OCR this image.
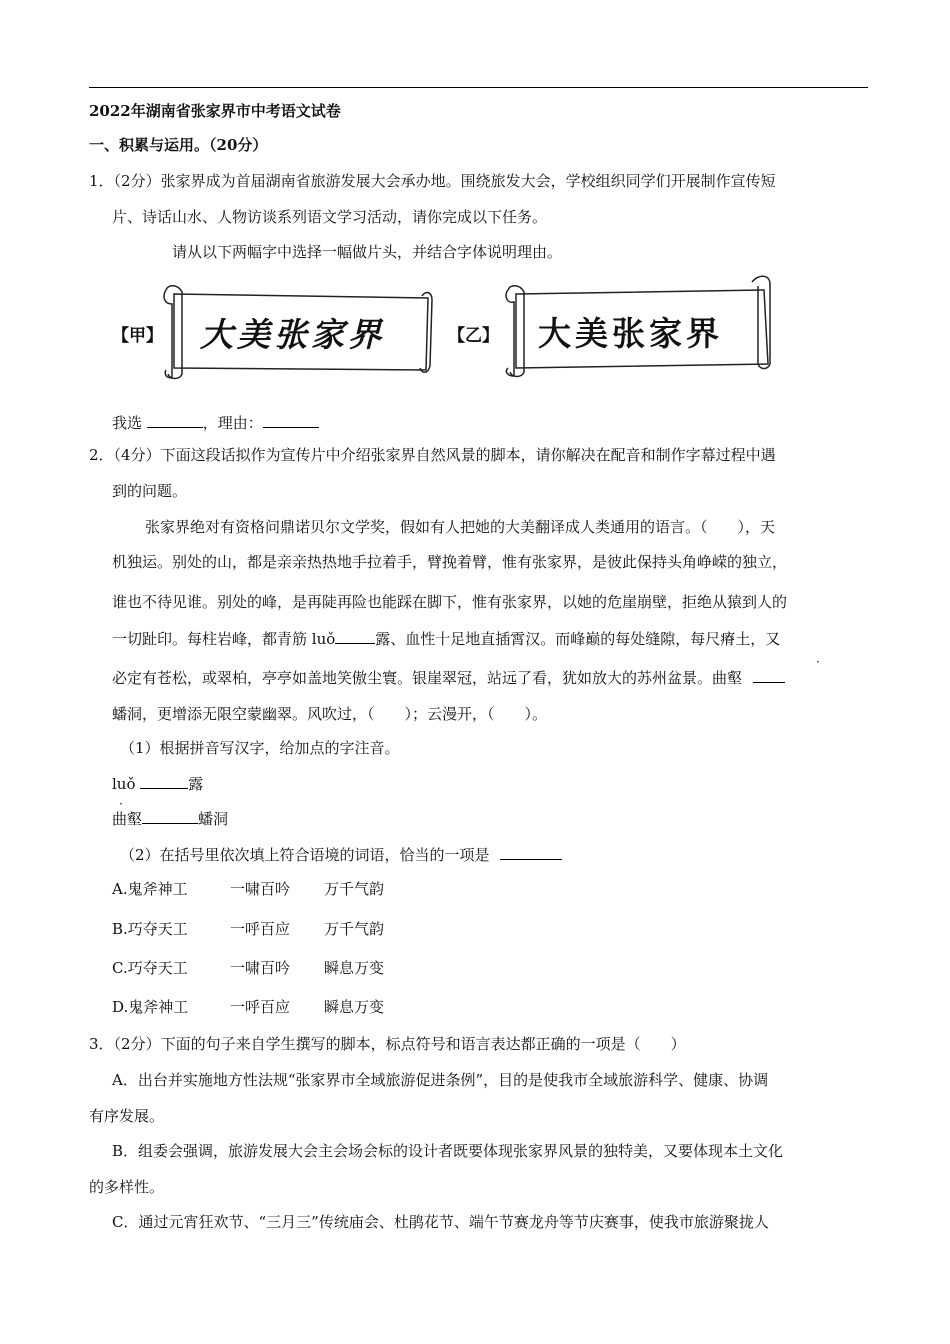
2022年湖南省张家界市中考语文试卷
一、积累与运用。（20分）
1．（2分）张家界成为首届湖南省旅游发展大会承办地。围绕旅发大会，学校组织同学们开展制作宣传短
片、诗话山水、人物访谈系列语文学习活动，请你完成以下任务。
请从以下两幅字中选择一幅做片头，并结合字体说明理由。
【甲】 大美张家界	【乙】 大美张家界
我选	，理由：
2．（4分）下面这段话拟作为宣传片中介绍张家界自然风景的脚本，请你解决在配音和制作字幕过程中遇
到的问题。
张家界绝对有资格问鼎诺贝尔文学奖，假如有人把她的大美翻译成人类通用的语言。（　　），天
机独运。别处的山，都是亲亲热热地手拉着手，臂挽着臂，惟有张家界，是彼此保持头角峥嵘的独立，
谁也不待见谁。别处的峰，是再陡再险也能踩在脚下，惟有张家界，以她的危崖崩壁，拒绝从猿到人的
一切趾印。每柱岩峰，都青筋 luǒ	露、血性十足地直插霄汉。而峰巅的每处缝隙，每尺瘠土，又
必定有苍松，或翠柏，亭亭如盖地笑傲尘寰。银崖翠冠，站远了看，犹如放大的苏州盆景。曲壑
·
蟠洞，更增添无限空蒙幽翠。风吹过，（　　）；云漫开，（　　）。
（1）根据拼音写汉字，给加点的字注音。
luǒ	露
·
曲壑	蟠洞
（2）在括号里依次填上符合语境的词语，恰当的一项是
A.鬼斧神工	一啸百吟 万千气韵
B.巧夺天工	一呼百应 万千气韵
C.巧夺天工	一啸百吟 瞬息万变
D.鬼斧神工	一呼百应 瞬息万变
3．（2分）下面的句子来自学生撰写的脚本，标点符号和语言表达都正确的一项是（　　）
A．出台并实施地方性法规“张家界市全域旅游促进条例”，目的是使我市全域旅游科学、健康、协调
有序发展。
B．组委会强调，旅游发展大会主会场会标的设计者既要体现张家界风景的独特美，又要体现本土文化
的多样性。
C．通过元宵狂欢节、“三月三”传统庙会、杜鹃花节、端午节赛龙舟等节庆赛事，使我市旅游聚拢人
